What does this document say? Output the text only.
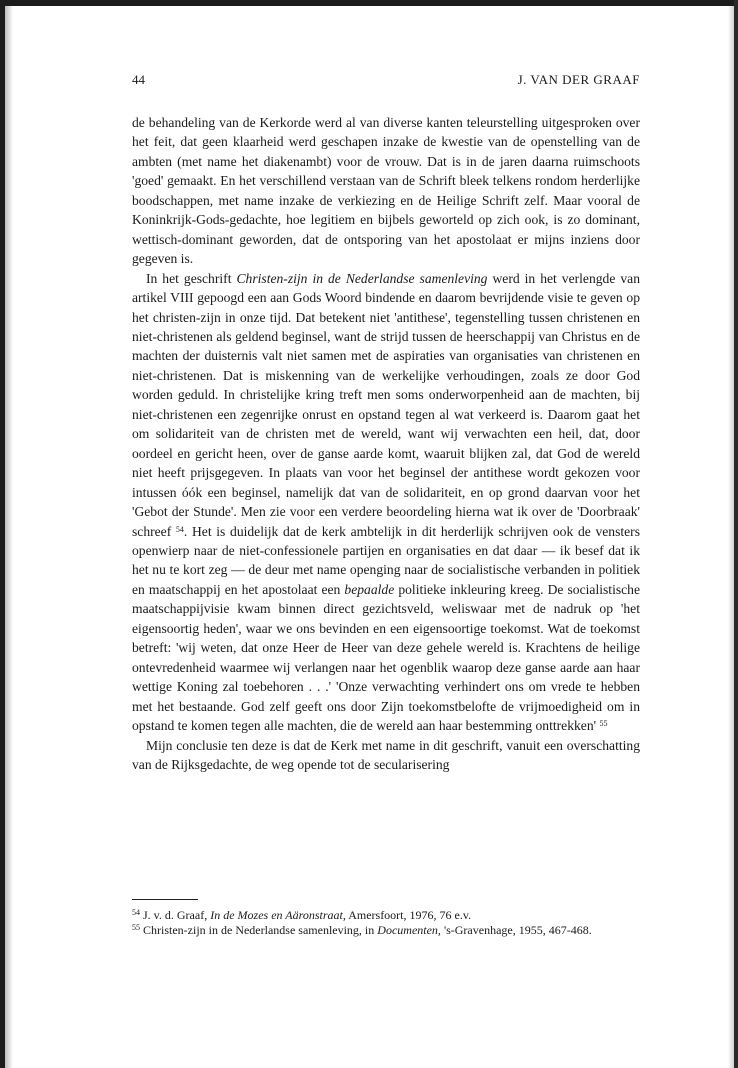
44	J. VAN DER GRAAF

de behandeling van de Kerkorde werd al van diverse kanten teleurstelling uitgesproken over het feit, dat geen klaarheid werd geschapen inzake de kwestie van de openstelling van de ambten (met name het diakenambt) voor de vrouw. Dat is in de jaren daarna ruimschoots 'goed' gemaakt. En het verschillend verstaan van de Schrift bleek telkens rondom herderlijke boodschappen, met name inzake de verkiezing en de Heilige Schrift zelf. Maar vooral de Koninkrijk-Gods-gedachte, hoe legitiem en bijbels geworteld op zich ook, is zo dominant, wettisch-dominant geworden, dat de ontsporing van het apostolaat er mijns inziens door gegeven is.

In het geschrift Christen-zijn in de Nederlandse samenleving werd in het verlengde van artikel VIII gepoogd een aan Gods Woord bindende en daarom bevrijdende visie te geven op het christen-zijn in onze tijd. Dat betekent niet 'antithese', tegenstelling tussen christenen en niet-christenen als geldend beginsel, want de strijd tussen de heerschappij van Christus en de machten der duisternis valt niet samen met de aspiraties van organisaties van christenen en niet-christenen. Dat is miskenning van de werkelijke verhoudingen, zoals ze door God worden geduld. In christelijke kring treft men soms onderworpenheid aan de machten, bij niet-christenen een zegenrijke onrust en opstand tegen al wat verkeerd is. Daarom gaat het om solidariteit van de christen met de wereld, want wij verwachten een heil, dat, door oordeel en gericht heen, over de ganse aarde komt, waaruit blijken zal, dat God de wereld niet heeft prijsgegeven. In plaats van voor het beginsel der antithese wordt gekozen voor intussen óók een beginsel, namelijk dat van de solidariteit, en op grond daarvan voor het 'Gebot der Stunde'. Men zie voor een verdere beoordeling hierna wat ik over de 'Doorbraak' schreef $^{54}$. Het is duidelijk dat de kerk ambtelijk in dit herderlijk schrijven ook de vensters openwierp naar de niet-confessionele partijen en organisaties en dat daar — ik besef dat ik het nu te kort zeg — de deur met name openging naar de socialistische verbanden in politiek en maatschappij en het apostolaat een bepaalde politieke inkleuring kreeg. De socialistische maatschappijvisie kwam binnen direct gezichtsveld, weliswaar met de nadruk op 'het eigensoortig heden', waar we ons bevinden en een eigensoortige toekomst. Wat de toekomst betreft: 'wij weten, dat onze Heer de Heer van deze gehele wereld is. Krachtens de heilige ontevredenheid waarmee wij verlangen naar het ogenblik waarop deze ganse aarde aan haar wettige Koning zal toebehoren . . .' 'Onze verwachting verhindert ons om vrede te hebben met het bestaande. God zelf geeft ons door Zijn toekomstbelofte de vrijmoedigheid om in opstand te komen tegen alle machten, die de wereld aan haar bestemming onttrekken' $^{55}$

Mijn conclusie ten deze is dat de Kerk met name in dit geschrift, vanuit een overschatting van de Rijksgedachte, de weg opende tot de secularisering

$^{54}$ J. v. d. Graaf, In de Mozes en Aäronstraat, Amersfoort, 1976, 76 e.v.

$^{55}$ Christen-zijn in de Nederlandse samenleving, in Documenten, 's-Gravenhage, 1955, 467-468.
